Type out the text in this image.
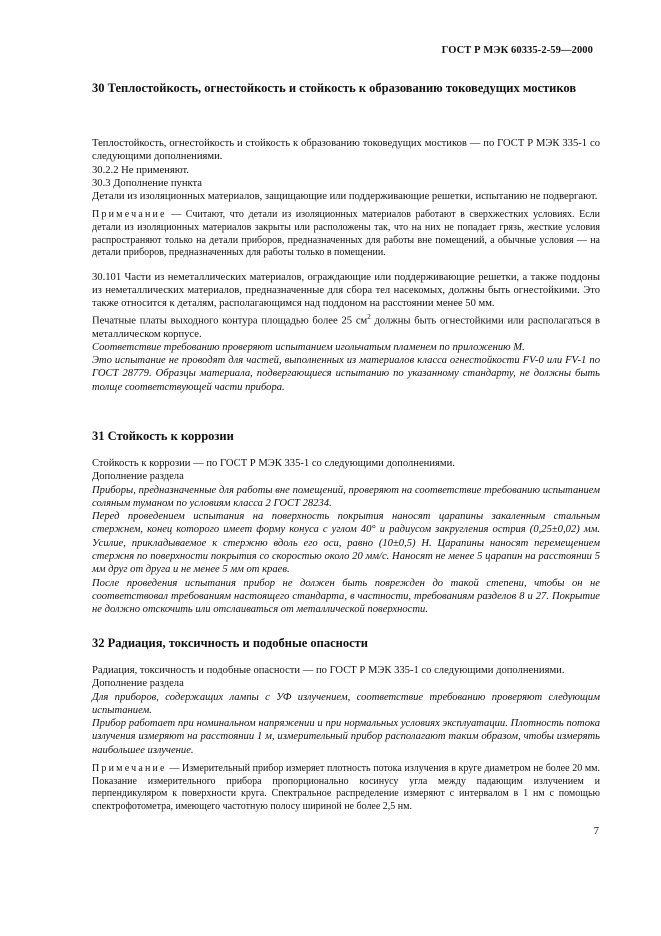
ГОСТ Р МЭК 60335-2-59—2000
30 Теплостойкость, огнестойкость и стойкость к образованию токоведущих мостиков

Теплостойкость, огнестойкость и стойкость к образованию токоведущих мостиков — по ГОСТ Р МЭК 335-1 со следующими дополнениями.

30.2.2 Не применяют.

30.3 Дополнение пункта

Детали из изоляционных материалов, защищающие или поддерживающие решетки, испытанию не подвергают.

Примечание — Считают, что детали из изоляционных материалов работают в сверхжестких условиях. Если детали из изоляционных материалов закрыты или расположены так, что на них не попадает грязь, жесткие условия распространяют только на детали приборов, предназначенных для работы вне помещений, а обычные условия — на детали приборов, предназначенных для работы только в помещении.

30.101 Части из неметаллических материалов, ограждающие или поддерживающие решетки, а также поддоны из неметаллических материалов, предназначенные для сбора тел насекомых, должны быть огнестойкими. Это также относится к деталям, располагающимся над поддоном на расстоянии менее 50 мм.

Печатные платы выходного контура площадью более 25 $см^2$ должны быть огнестойкими или располагаться в металлическом корпусе.

Соответствие требованию проверяют испытанием игольчатым пламенем по приложению М.

Это испытание не проводят для частей, выполненных из материалов класса огнестойкости FV-0 или FV-1 по ГОСТ 28779. Образцы материала, подвергающиеся испытанию по указанному стандарту, не должны быть толще соответствующей части прибора.

31 Стойкость к коррозии

Стойкость к коррозии — по ГОСТ Р МЭК 335-1 со следующими дополнениями.

Дополнение раздела

Приборы, предназначенные для работы вне помещений, проверяют на соответствие требованию испытанием соляным туманом по условиям класса 2 ГОСТ 28234.

Перед проведением испытания на поверхность покрытия наносят царапины закаленным стальным стержнем, конец которого имеет форму конуса с углом 40° и радиусом закругления острия (0,25±0,02) мм. Усилие, прикладываемое к стержню вдоль его оси, равно (10±0,5) Н. Царапины наносят перемещением стержня по поверхности покрытия со скоростью около 20 мм/с. Наносят не менее 5 царапин на расстоянии 5 мм друг от друга и не менее 5 мм от краев.

После проведения испытания прибор не должен быть поврежден до такой степени, чтобы он не соответствовал требованиям настоящего стандарта, в частности, требованиям разделов 8 и 27. Покрытие не должно отскочить или отслаиваться от металлической поверхности.

32 Радиация, токсичность и подобные опасности

Радиация, токсичность и подобные опасности — по ГОСТ Р МЭК 335-1 со следующими дополнениями.

Дополнение раздела

Для приборов, содержащих лампы с УФ излучением, соответствие требованию проверяют следующим испытанием.

Прибор работает при номинальном напряжении и при нормальных условиях эксплуатации. Плотность потока излучения измеряют на расстоянии 1 м, измерительный прибор располагают таким образом, чтобы измерять наибольшее излучение.

Примечание — Измерительный прибор измеряет плотность потока излучения в круге диаметром не более 20 мм. Показание измерительного прибора пропорционально косинусу угла между падающим излучением и перпендикуляром к поверхности круга. Спектральное распределение измеряют с интервалом в 1 нм с помощью спектрофотометра, имеющего частотную полосу шириной не более 2,5 нм.

7
